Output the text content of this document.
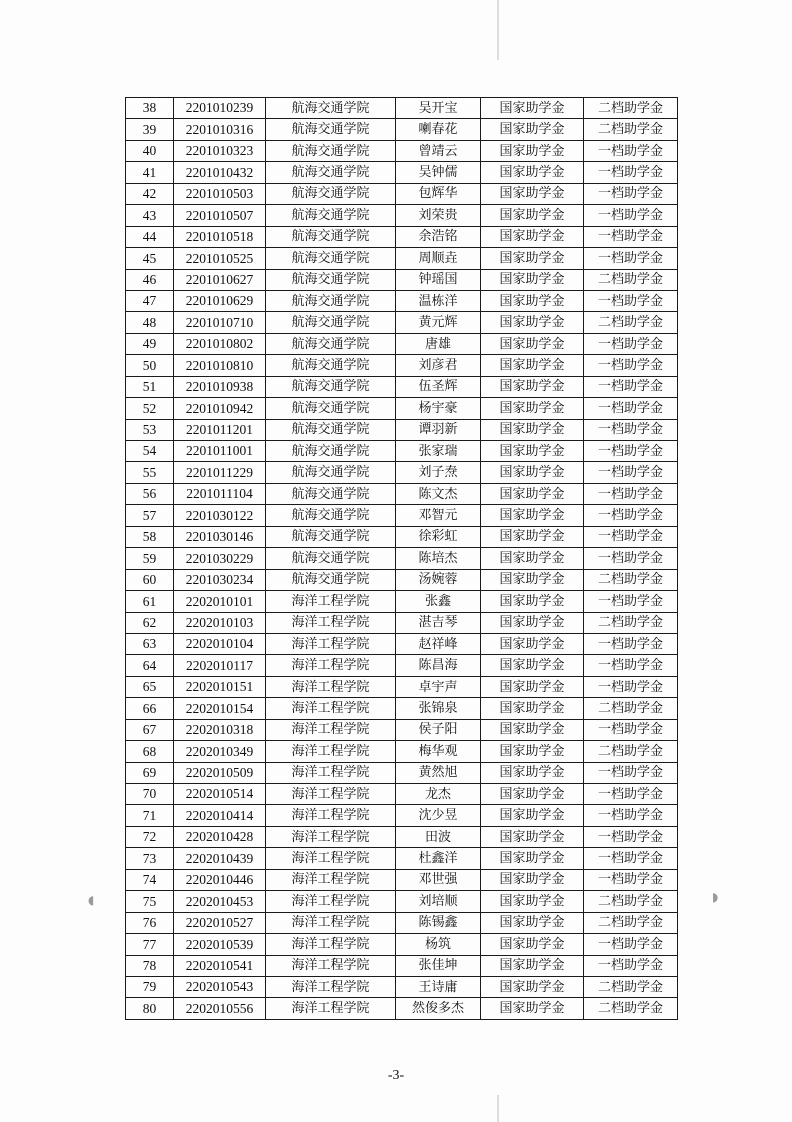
◖	◗
38	2201010239	航海交通学院	吴开宝	国家助学金	二档助学金
39	2201010316	航海交通学院	喇春花	国家助学金	二档助学金
40	2201010323	航海交通学院	曾靖云	国家助学金	一档助学金
41	2201010432	航海交通学院	吴钟儒	国家助学金	一档助学金
42	2201010503	航海交通学院	包辉华	国家助学金	一档助学金
43	2201010507	航海交通学院	刘荣贵	国家助学金	一档助学金
44	2201010518	航海交通学院	余浩铭	国家助学金	一档助学金
45	2201010525	航海交通学院	周顺垚	国家助学金	一档助学金
46	2201010627	航海交通学院	钟瑶国	国家助学金	二档助学金
47	2201010629	航海交通学院	温栋洋	国家助学金	一档助学金
48	2201010710	航海交通学院	黄元辉	国家助学金	二档助学金
49	2201010802	航海交通学院	唐雄	国家助学金	一档助学金
50	2201010810	航海交通学院	刘彦君	国家助学金	一档助学金
51	2201010938	航海交通学院	伍圣辉	国家助学金	一档助学金
52	2201010942	航海交通学院	杨宇豪	国家助学金	一档助学金
53	2201011201	航海交通学院	谭羽新	国家助学金	一档助学金
54	2201011001	航海交通学院	张家瑞	国家助学金	一档助学金
55	2201011229	航海交通学院	刘子焘	国家助学金	一档助学金
56	2201011104	航海交通学院	陈文杰	国家助学金	一档助学金
57	2201030122	航海交通学院	邓智元	国家助学金	一档助学金
58	2201030146	航海交通学院	徐彩虹	国家助学金	一档助学金
59	2201030229	航海交通学院	陈培杰	国家助学金	一档助学金
60	2201030234	航海交通学院	汤婉蓉	国家助学金	二档助学金
61	2202010101	海洋工程学院	张鑫	国家助学金	一档助学金
62	2202010103	海洋工程学院	湛吉琴	国家助学金	二档助学金
63	2202010104	海洋工程学院	赵祥峰	国家助学金	一档助学金
64	2202010117	海洋工程学院	陈昌海	国家助学金	一档助学金
65	2202010151	海洋工程学院	卓宇声	国家助学金	一档助学金
66	2202010154	海洋工程学院	张锦泉	国家助学金	二档助学金
67	2202010318	海洋工程学院	侯子阳	国家助学金	一档助学金
68	2202010349	海洋工程学院	梅华观	国家助学金	二档助学金
69	2202010509	海洋工程学院	黄然旭	国家助学金	一档助学金
70	2202010514	海洋工程学院	龙杰	国家助学金	一档助学金
71	2202010414	海洋工程学院	沈少昱	国家助学金	一档助学金
72	2202010428	海洋工程学院	田波	国家助学金	一档助学金
73	2202010439	海洋工程学院	杜鑫洋	国家助学金	一档助学金
74	2202010446	海洋工程学院	邓世强	国家助学金	一档助学金
75	2202010453	海洋工程学院	刘培顺	国家助学金	二档助学金
76	2202010527	海洋工程学院	陈锡鑫	国家助学金	二档助学金
77	2202010539	海洋工程学院	杨筑	国家助学金	一档助学金
78	2202010541	海洋工程学院	张佳坤	国家助学金	一档助学金
79	2202010543	海洋工程学院	王诗庸	国家助学金	二档助学金
80	2202010556	海洋工程学院	然俊多杰	国家助学金	二档助学金
-3-
